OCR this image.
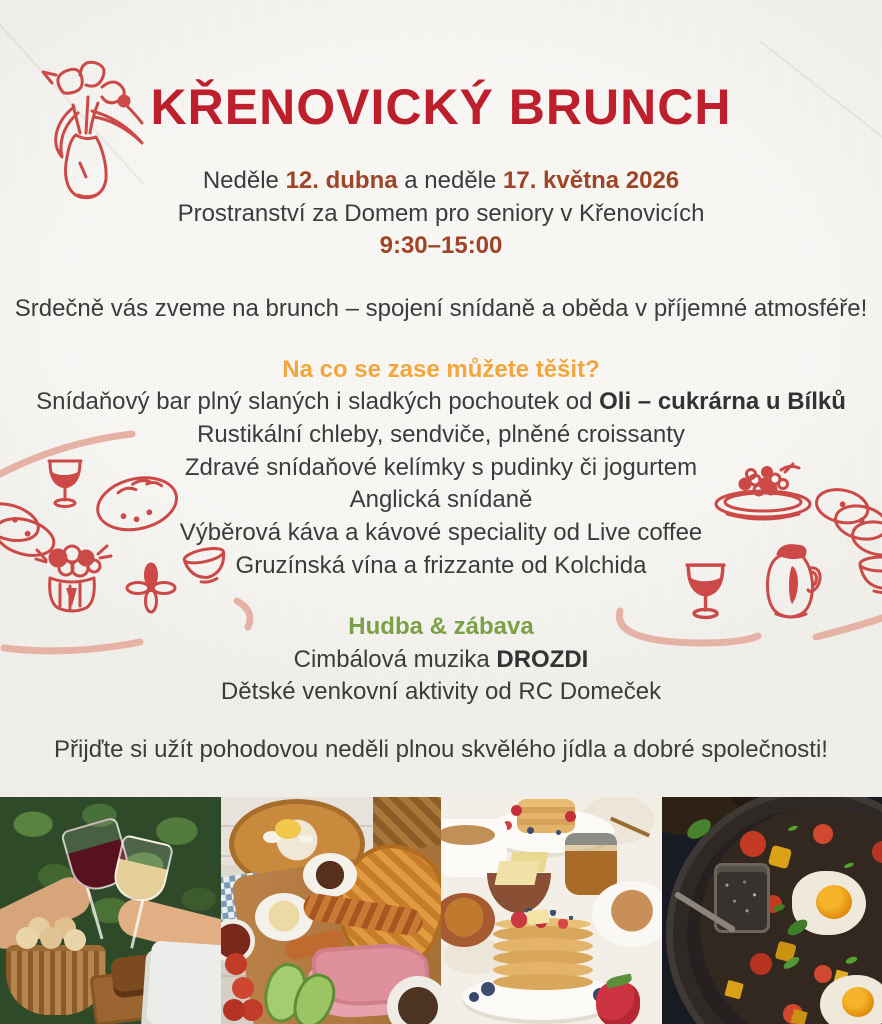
KŘENOVICKÝ BRUNCH
Neděle 12. dubna a neděle 17. května 2026
Prostranství za Domem pro seniory v Křenovicích
9:30–15:00
Srdečně vás zveme na brunch – spojení snídaně a oběda v příjemné atmosféře!
Na co se zase můžete těšit?
Snídaňový bar plný slaných i sladkých pochoutek od Oli – cukrárna u Bílků
Rustikální chleby, sendviče, plněné croissanty
Zdravé snídaňové kelímky s pudinky či jogurtem
Anglická snídaně
Výběrová káva a kávové speciality od Live coffee
Gruzínská vína a frizzante od Kolchida
Hudba & zábava
Cimbálová muzika DROZDI
Dětské venkovní aktivity od RC Domeček
Přijďte si užít pohodovou neděli plnou skvělého jídla a dobré společnosti!
